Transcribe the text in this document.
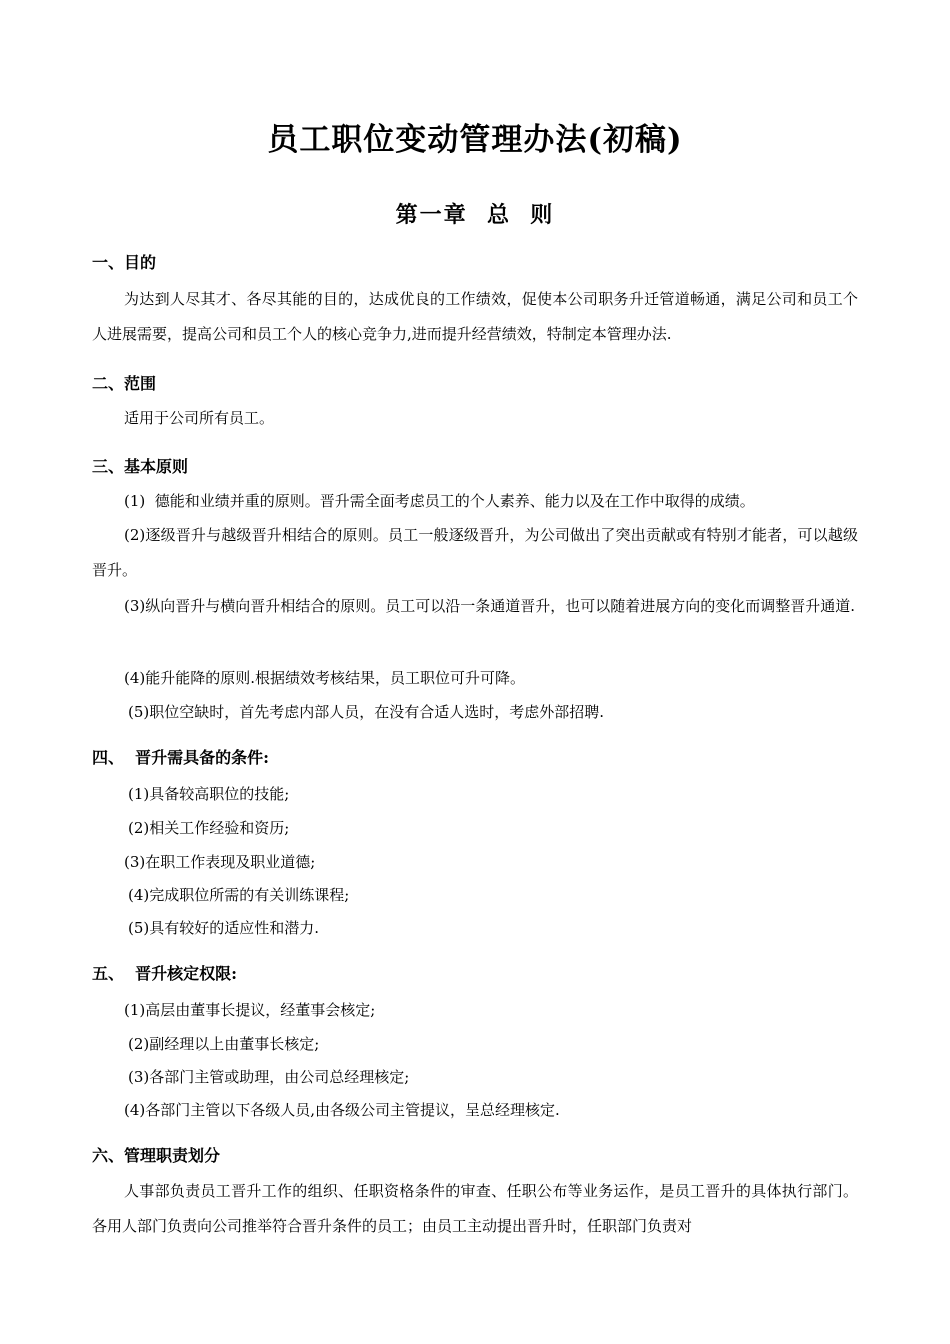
员工职位变动管理办法(初稿)
第一章  总  则
一、目的
为达到人尽其才、各尽其能的目的，达成优良的工作绩效，促使本公司职务升迁管道畅通，满足公司和员工个人进展需要，提高公司和员工个人的核心竞争力,进而提升经营绩效，特制定本管理办法.
二、范围
适用于公司所有员工。
三、基本原则
(1)  德能和业绩并重的原则。晋升需全面考虑员工的个人素养、能力以及在工作中取得的成绩。
(2)逐级晋升与越级晋升相结合的原则。员工一般逐级晋升，为公司做出了突出贡献或有特别才能者，可以越级晋升。
(3)纵向晋升与横向晋升相结合的原则。员工可以沿一条通道晋升，也可以随着进展方向的变化而调整晋升通道.
(4)能升能降的原则.根据绩效考核结果，员工职位可升可降。
(5)职位空缺时，首先考虑内部人员，在没有合适人选时，考虑外部招聘.
四、  晋升需具备的条件:
(1)具备较高职位的技能;
(2)相关工作经验和资历;
(3)在职工作表现及职业道德;
(4)完成职位所需的有关训练课程;
(5)具有较好的适应性和潜力.
五、  晋升核定权限:
(1)高层由董事长提议，经董事会核定;
(2)副经理以上由董事长核定;
(3)各部门主管或助理，由公司总经理核定;
(4)各部门主管以下各级人员,由各级公司主管提议，呈总经理核定.
六、管理职责划分
人事部负责员工晋升工作的组织、任职资格条件的审查、任职公布等业务运作，是员工晋升的具体执行部门。各用人部门负责向公司推举符合晋升条件的员工；由员工主动提出晋升时，任职部门负责对
